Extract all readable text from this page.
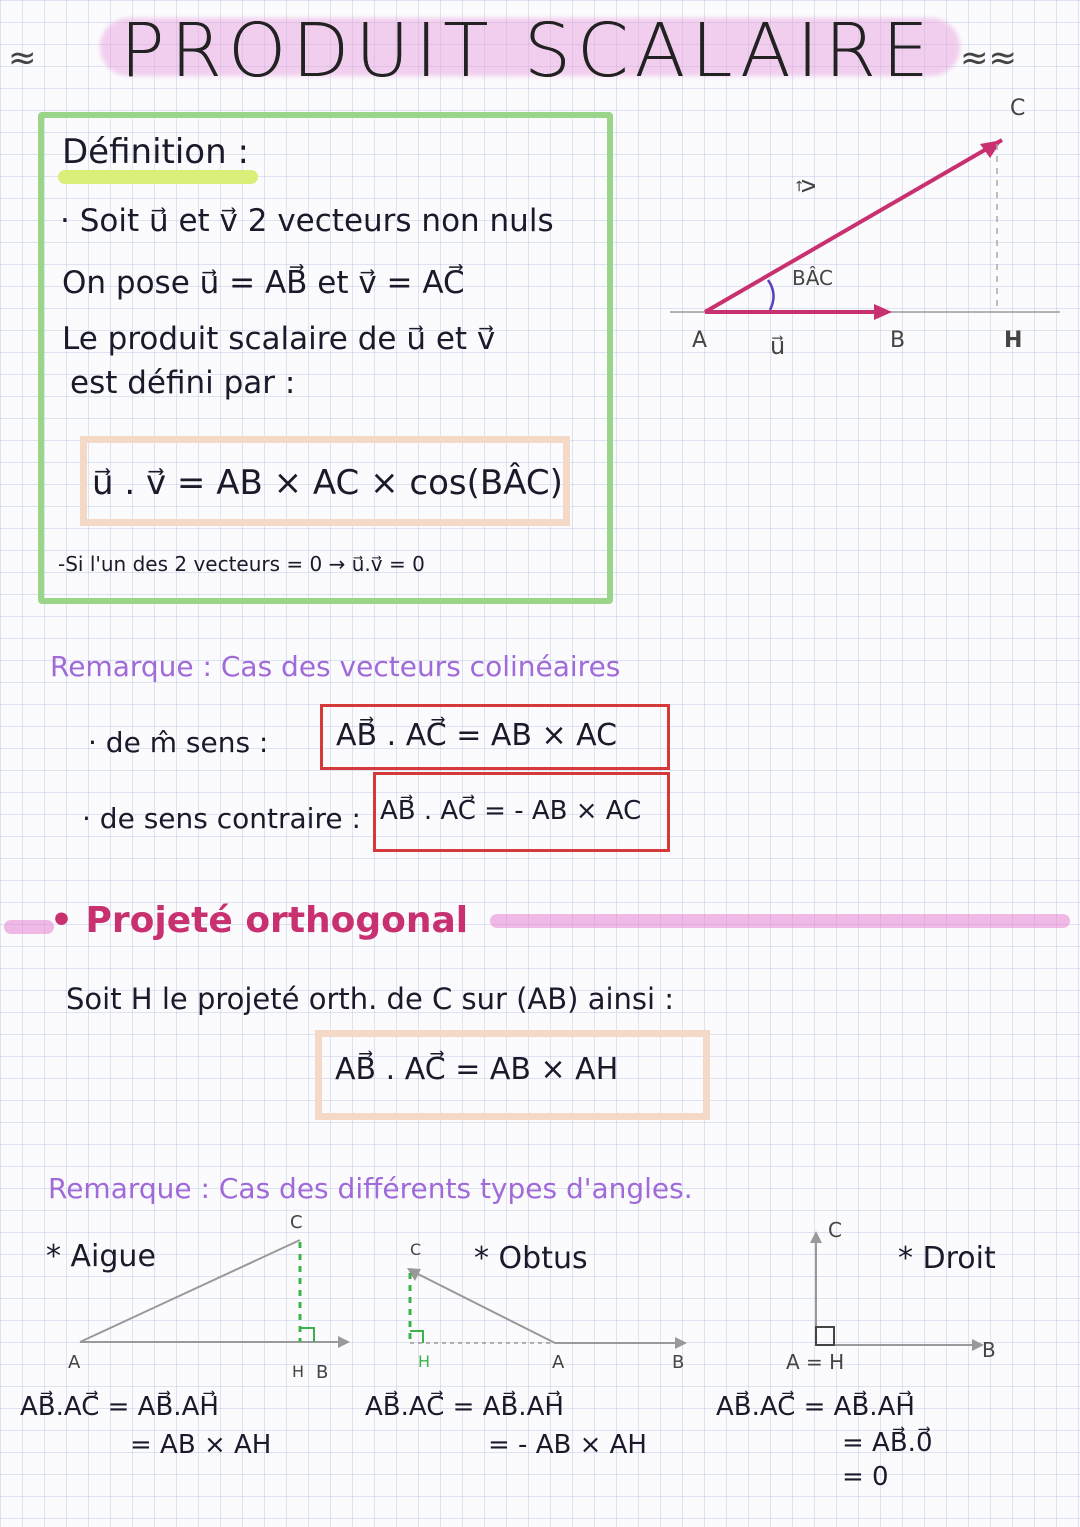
≈ PRODUIT SCALAIRE ≈≈
Définition :
· Soit u⃗ et v⃗ 2 vecteurs non nuls
On pose u⃗ = AB⃗ et v⃗ = AC⃗
Le produit scalaire de u⃗ et v⃗
est défini par :
u⃗ . v⃗ = AB × AC × cos(BÂC)
-Si l'un des 2 vecteurs = 0 → u⃗.v⃗ = 0
A	B
C
H
u⃗
v⃗
BÂC
Remarque : Cas des vecteurs colinéaires
· de m̂ sens : AB⃗ . AC⃗ = AB × AC
· de sens contraire : AB⃗ . AC⃗ = - AB × AC
• Projeté orthogonal
Soit H le projeté orth. de C sur (AB) ainsi :
AB⃗ . AC⃗ = AB × AH
Remarque : Cas des différents types d'angles.
* Aigue
A
C
H B
AB⃗.AC⃗ = AB⃗.AH⃗
= AB × AH
* Obtus
C
H	A	B
AB⃗.AC⃗ = AB⃗.AH⃗
= - AB × AH
* Droit
C
B
A = H
AB⃗.AC⃗ = AB⃗.AH⃗
= AB⃗.0⃗
= 0
